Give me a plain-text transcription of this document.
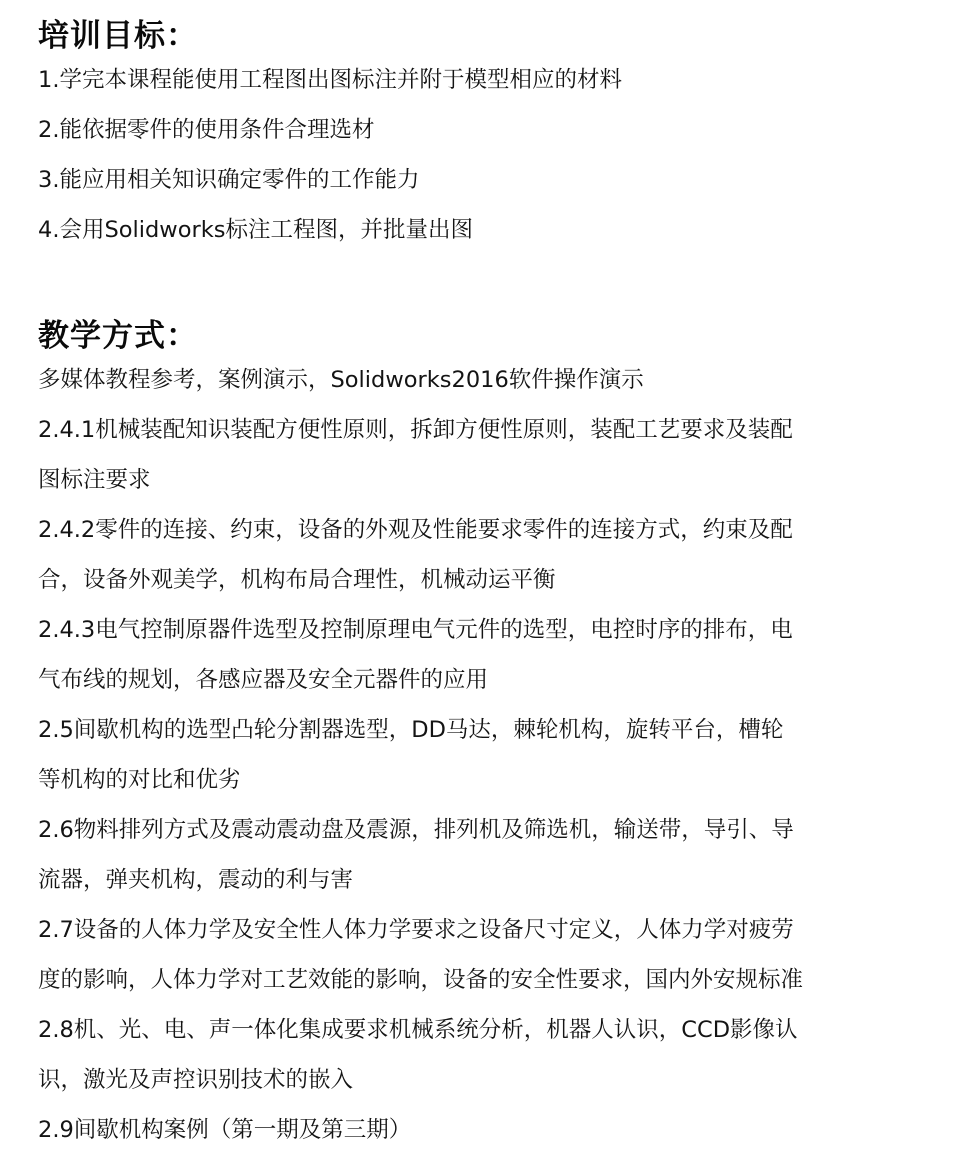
培训目标：

1.学完本课程能使用工程图出图标注并附于模型相应的材料

2.能依据零件的使用条件合理选材

3.能应用相关知识确定零件的工作能力

4.会用Solidworks标注工程图，并批量出图

教学方式：

多媒体教程参考，案例演示，Solidworks2016软件操作演示

2.4.1机械装配知识装配方便性原则，拆卸方便性原则，装配工艺要求及装配

图标注要求

2.4.2零件的连接、约束，设备的外观及性能要求零件的连接方式，约束及配

合，设备外观美学，机构布局合理性，机械动运平衡

2.4.3电气控制原器件选型及控制原理电气元件的选型，电控时序的排布，电

气布线的规划，各感应器及安全元器件的应用

2.5间歇机构的选型凸轮分割器选型，DD马达，棘轮机构，旋转平台，槽轮

等机构的对比和优劣

2.6物料排列方式及震动震动盘及震源，排列机及筛选机，输送带，导引、导

流器，弹夹机构，震动的利与害

2.7设备的人体力学及安全性人体力学要求之设备尺寸定义，人体力学对疲劳

度的影响，人体力学对工艺效能的影响，设备的安全性要求，国内外安规标准

2.8机、光、电、声一体化集成要求机械系统分析，机器人认识，CCD影像认

识，激光及声控识别技术的嵌入

2.9间歇机构案例（第一期及第三期）
